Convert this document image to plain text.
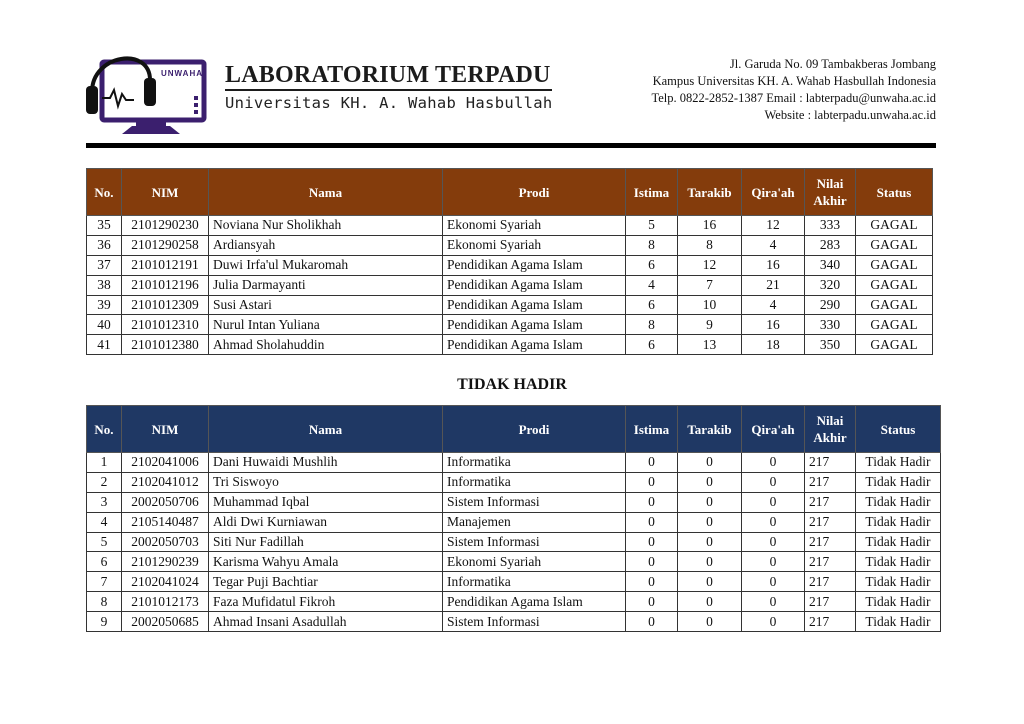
UNWAHA LABORATORIUM TERPADU
Universitas KH. A. Wahab Hasbullah
Jl. Garuda No. 09 Tambakberas Jombang
Kampus Universitas KH. A. Wahab Hasbullah Indonesia
Telp. 0822-2852-1387 Email : labterpadu@unwaha.ac.id
Website : labterpadu.unwaha.ac.id
No.	NIM	Nama	Prodi	Istima	Tarakib	Qira'ah	Nilai Akhir	Status
35	2101290230	Noviana Nur Sholikhah	Ekonomi Syariah	5	16	12	333	GAGAL
36	2101290258	Ardiansyah	Ekonomi Syariah	8	8	4	283	GAGAL
37	2101012191	Duwi Irfa'ul Mukaromah	Pendidikan Agama Islam	6	12	16	340	GAGAL
38	2101012196	Julia Darmayanti	Pendidikan Agama Islam	4	7	21	320	GAGAL
39	2101012309	Susi Astari	Pendidikan Agama Islam	6	10	4	290	GAGAL
40	2101012310	Nurul Intan Yuliana	Pendidikan Agama Islam	8	9	16	330	GAGAL
41	2101012380	Ahmad Sholahuddin	Pendidikan Agama Islam	6	13	18	350	GAGAL
TIDAK HADIR
No.	NIM	Nama	Prodi	Istima	Tarakib	Qira'ah	Nilai Akhir	Status
1	2102041006	Dani Huwaidi Mushlih	Informatika	0	0	0	217	Tidak Hadir
2	2102041012	Tri Siswoyo	Informatika	0	0	0	217	Tidak Hadir
3	2002050706	Muhammad Iqbal	Sistem Informasi	0	0	0	217	Tidak Hadir
4	2105140487	Aldi Dwi Kurniawan	Manajemen	0	0	0	217	Tidak Hadir
5	2002050703	Siti Nur Fadillah	Sistem Informasi	0	0	0	217	Tidak Hadir
6	2101290239	Karisma Wahyu Amala	Ekonomi Syariah	0	0	0	217	Tidak Hadir
7	2102041024	Tegar Puji Bachtiar	Informatika	0	0	0	217	Tidak Hadir
8	2101012173	Faza Mufidatul Fikroh	Pendidikan Agama Islam	0	0	0	217	Tidak Hadir
9	2002050685	Ahmad Insani Asadullah	Sistem Informasi	0	0	0	217	Tidak Hadir
